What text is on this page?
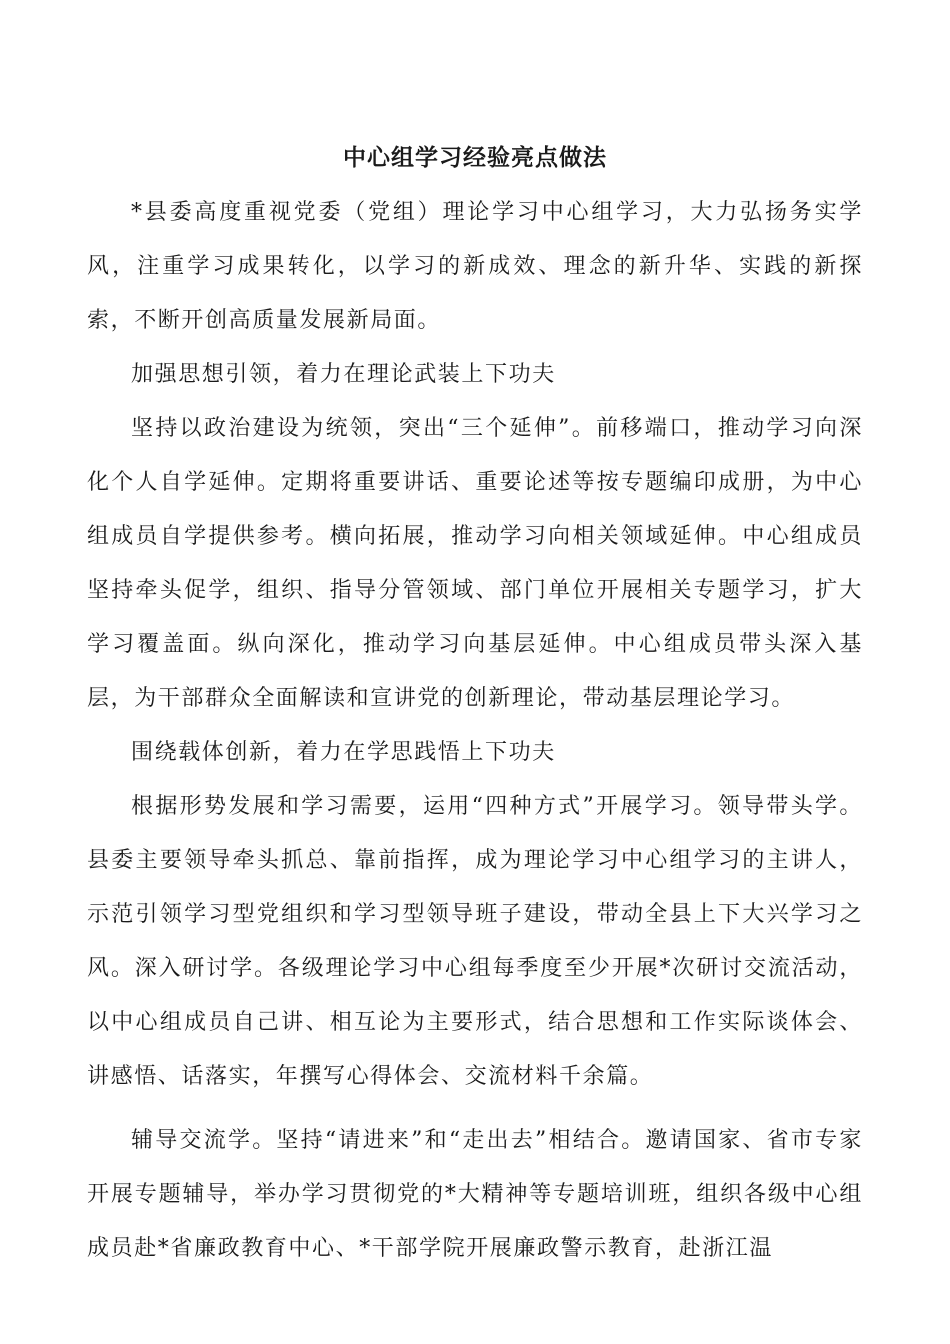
中心组学习经验亮点做法

*县委高度重视党委（党组）理论学习中心组学习，大力弘扬务实学风，注重学习成果转化，以学习的新成效、理念的新升华、实践的新探索，不断开创高质量发展新局面。

加强思想引领，着力在理论武装上下功夫

坚持以政治建设为统领，突出“三个延伸”。前移端口，推动学习向深化个人自学延伸。定期将重要讲话、重要论述等按专题编印成册，为中心组成员自学提供参考。横向拓展，推动学习向相关领域延伸。中心组成员坚持牵头促学，组织、指导分管领域、部门单位开展相关专题学习，扩大学习覆盖面。纵向深化，推动学习向基层延伸。中心组成员带头深入基层，为干部群众全面解读和宣讲党的创新理论，带动基层理论学习。

围绕载体创新，着力在学思践悟上下功夫

根据形势发展和学习需要，运用“四种方式”开展学习。领导带头学。县委主要领导牵头抓总、靠前指挥，成为理论学习中心组学习的主讲人，示范引领学习型党组织和学习型领导班子建设，带动全县上下大兴学习之风。深入研讨学。各级理论学习中心组每季度至少开展*次研讨交流活动，以中心组成员自己讲、相互论为主要形式，结合思想和工作实际谈体会、讲感悟、话落实，年撰写心得体会、交流材料千余篇。

辅导交流学。坚持“请进来”和“走出去”相结合。邀请国家、省市专家开展专题辅导，举办学习贯彻党的*大精神等专题培训班，组织各级中心组成员赴*省廉政教育中心、*干部学院开展廉政警示教育，赴浙江温
